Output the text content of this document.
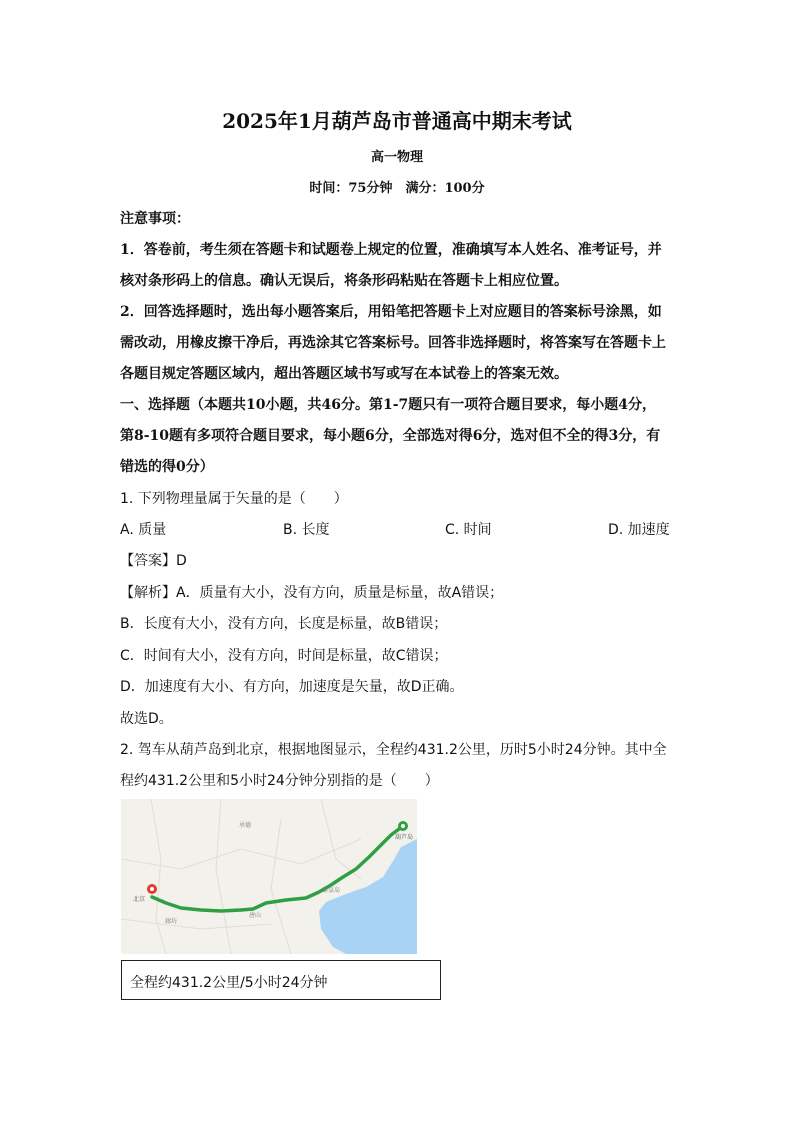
2025年1月葫芦岛市普通高中期末考试
高一物理
时间：75分钟　满分：100分
注意事项：
1．答卷前，考生须在答题卡和试题卷上规定的位置，准确填写本人姓名、准考证号，并
核对条形码上的信息。确认无误后，将条形码粘贴在答题卡上相应位置。
2．回答选择题时，选出每小题答案后，用铅笔把答题卡上对应题目的答案标号涂黑，如
需改动，用橡皮擦干净后，再选涂其它答案标号。回答非选择题时，将答案写在答题卡上
各题目规定答题区域内，超出答题区域书写或写在本试卷上的答案无效。
一、选择题（本题共10小题，共46分。第1-7题只有一项符合题目要求，每小题4分，
第8-10题有多项符合题目要求，每小题6分，全部选对得6分，选对但不全的得3分，有
错选的得0分）
1. 下列物理量属于矢量的是（　　）
A. 质量	B. 长度	C. 时间	D. 加速度
【答案】D
【解析】A．质量有大小，没有方向，质量是标量，故A错误；
B．长度有大小，没有方向，长度是标量，故B错误；
C．时间有大小，没有方向，时间是标量，故C错误；
D．加速度有大小、有方向，加速度是矢量，故D正确。
故选D。
2. 驾车从葫芦岛到北京，根据地图显示，全程约431.2公里，历时5小时24分钟。其中全
程约431.2公里和5小时24分钟分别指的是（　　）
北京
承德
廊坊
唐山
秦皇岛
葫芦岛
全程约431.2公里/5小时24分钟
